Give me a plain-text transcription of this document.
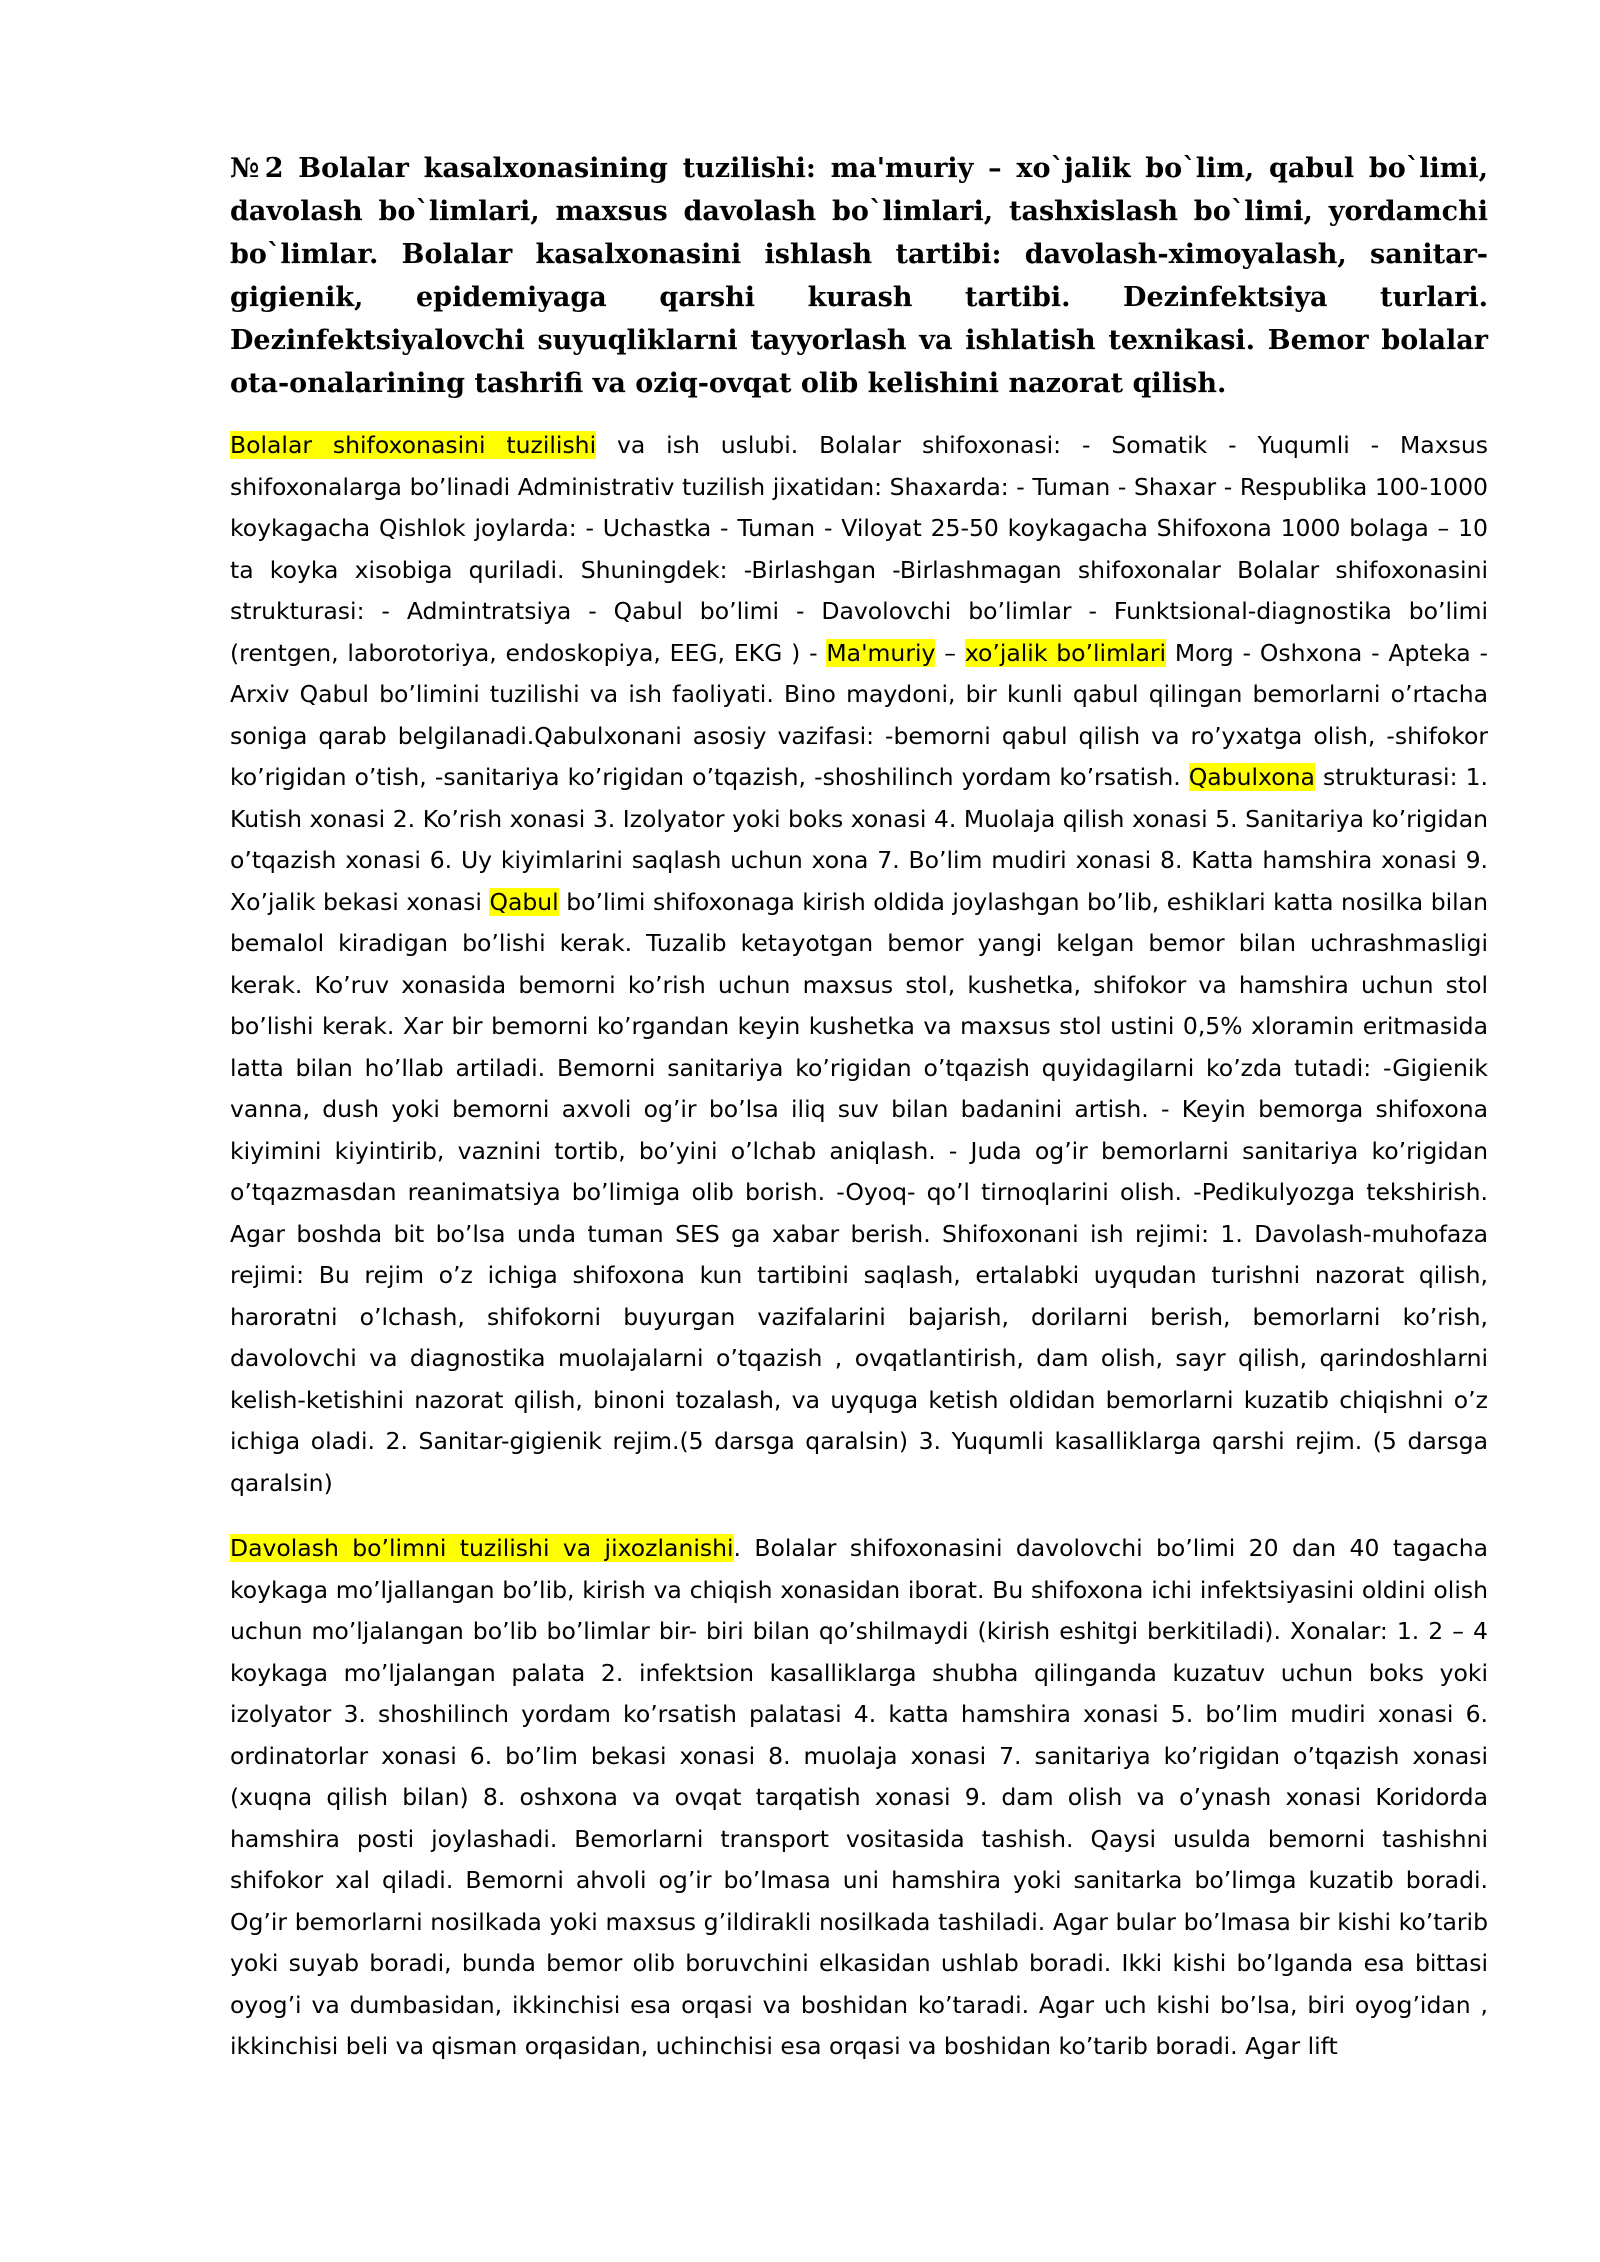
№2 Bolalar kasalxonasining tuzilishi: ma'muriy – xo`jalik bo`lim, qabul bo`limi, davolash bo`limlari, maxsus davolash bo`limlari, tashxislash bo`limi, yordamchi bo`limlar. Bolalar kasalxonasini ishlash tartibi: davolash-ximoyalash, sanitar-gigienik, epidemiyaga qarshi kurash tartibi. Dezinfektsiya turlari. Dezinfektsiyalovchi suyuqliklarni tayyorlash va ishlatish texnikasi. Bemor bolalar ota-onalarining tashrifi va oziq-ovqat olib kelishini nazorat qilish.

Bolalar shifoxonasini tuzilishi va ish uslubi. Bolalar shifoxonasi: - Somatik - Yuqumli - Maxsus shifoxonalarga bo’linadi Administrativ tuzilish jixatidan: Shaxarda: - Tuman - Shaxar - Respublika 100-1000 koykagacha Qishlok joylarda: - Uchastka - Tuman - Viloyat 25-50 koykagacha Shifoxona 1000 bolaga – 10 ta koyka xisobiga quriladi. Shuningdek: -Birlashgan -Birlashmagan shifoxonalar Bolalar shifoxonasini strukturasi: - Admintratsiya - Qabul bo’limi - Davolovchi bo’limlar - Funktsional-diagnostika bo’limi (rentgen, laborotoriya, endoskopiya, EEG, EKG ) - Ma'muriy – xo’jalik bo’limlari Morg - Oshxona - Apteka - Arxiv Qabul bo’limini tuzilishi va ish faoliyati. Bino maydoni, bir kunli qabul qilingan bemorlarni o’rtacha soniga qarab belgilanadi.Qabulxonani asosiy vazifasi: -bemorni qabul qilish va ro’yxatga olish, -shifokor ko’rigidan o’tish, -sanitariya ko’rigidan o’tqazish, -shoshilinch yordam ko’rsatish. Qabulxona strukturasi: 1. Kutish xonasi 2. Ko’rish xonasi 3. Izolyator yoki boks xonasi 4. Muolaja qilish xonasi 5. Sanitariya ko’rigidan o’tqazish xonasi 6. Uy kiyimlarini saqlash uchun xona 7. Bo’lim mudiri xonasi 8. Katta hamshira xonasi 9. Xo’jalik bekasi xonasi Qabul bo’limi shifoxonaga kirish oldida joylashgan bo’lib, eshiklari katta nosilka bilan bemalol kiradigan bo’lishi kerak. Tuzalib ketayotgan bemor yangi kelgan bemor bilan uchrashmasligi kerak. Ko’ruv xonasida bemorni ko’rish uchun maxsus stol, kushetka, shifokor va hamshira uchun stol bo’lishi kerak. Xar bir bemorni ko’rgandan keyin kushetka va maxsus stol ustini 0,5% xloramin eritmasida latta bilan ho’llab artiladi. Bemorni sanitariya ko’rigidan o’tqazish quyidagilarni ko’zda tutadi: -Gigienik vanna, dush yoki bemorni axvoli og’ir bo’lsa iliq suv bilan badanini artish. - Keyin bemorga shifoxona kiyimini kiyintirib, vaznini tortib, bo’yini o’lchab aniqlash. - Juda og’ir bemorlarni sanitariya ko’rigidan o’tqazmasdan reanimatsiya bo’limiga olib borish. -Oyoq- qo’l tirnoqlarini olish. -Pedikulyozga tekshirish. Agar boshda bit bo’lsa unda tuman SES ga xabar berish. Shifoxonani ish rejimi: 1. Davolash-muhofaza rejimi: Bu rejim o’z ichiga shifoxona kun tartibini saqlash, ertalabki uyqudan turishni nazorat qilish, haroratni o’lchash, shifokorni buyurgan vazifalarini bajarish, dorilarni berish, bemorlarni ko’rish, davolovchi va diagnostika muolajalarni o’tqazish , ovqatlantirish, dam olish, sayr qilish, qarindoshlarni kelish-ketishini nazorat qilish, binoni tozalash, va uyquga ketish oldidan bemorlarni kuzatib chiqishni o’z ichiga oladi. 2. Sanitar-gigienik rejim.(5 darsga qaralsin) 3. Yuqumli kasalliklarga qarshi rejim. (5 darsga qaralsin)

Davolash bo’limni tuzilishi va jixozlanishi. Bolalar shifoxonasini davolovchi bo’limi 20 dan 40 tagacha koykaga mo’ljallangan bo’lib, kirish va chiqish xonasidan iborat. Bu shifoxona ichi infektsiyasini oldini olish uchun mo’ljalangan bo’lib bo’limlar bir- biri bilan qo’shilmaydi (kirish eshitgi berkitiladi). Xonalar: 1. 2 – 4 koykaga mo’ljalangan palata 2. infektsion kasalliklarga shubha qilinganda kuzatuv uchun boks yoki izolyator 3. shoshilinch yordam ko’rsatish palatasi 4. katta hamshira xonasi 5. bo’lim mudiri xonasi 6. ordinatorlar xonasi 6. bo’lim bekasi xonasi 8. muolaja xonasi 7. sanitariya ko’rigidan o’tqazish xonasi (xuqna qilish bilan) 8. oshxona va ovqat tarqatish xonasi 9. dam olish va o’ynash xonasi Koridorda hamshira posti joylashadi. Bemorlarni transport vositasida tashish. Qaysi usulda bemorni tashishni shifokor xal qiladi. Bemorni ahvoli og’ir bo’lmasa uni hamshira yoki sanitarka bo’limga kuzatib boradi. Og’ir bemorlarni nosilkada yoki maxsus g’ildirakli nosilkada tashiladi. Agar bular bo’lmasa bir kishi ko’tarib yoki suyab boradi, bunda bemor olib boruvchini elkasidan ushlab boradi. Ikki kishi bo’lganda esa bittasi oyog’i va dumbasidan, ikkinchisi esa orqasi va boshidan ko’taradi. Agar uch kishi bo’lsa, biri oyog’idan , ikkinchisi beli va qisman orqasidan, uchinchisi esa orqasi va boshidan ko’tarib boradi. Agar lift
